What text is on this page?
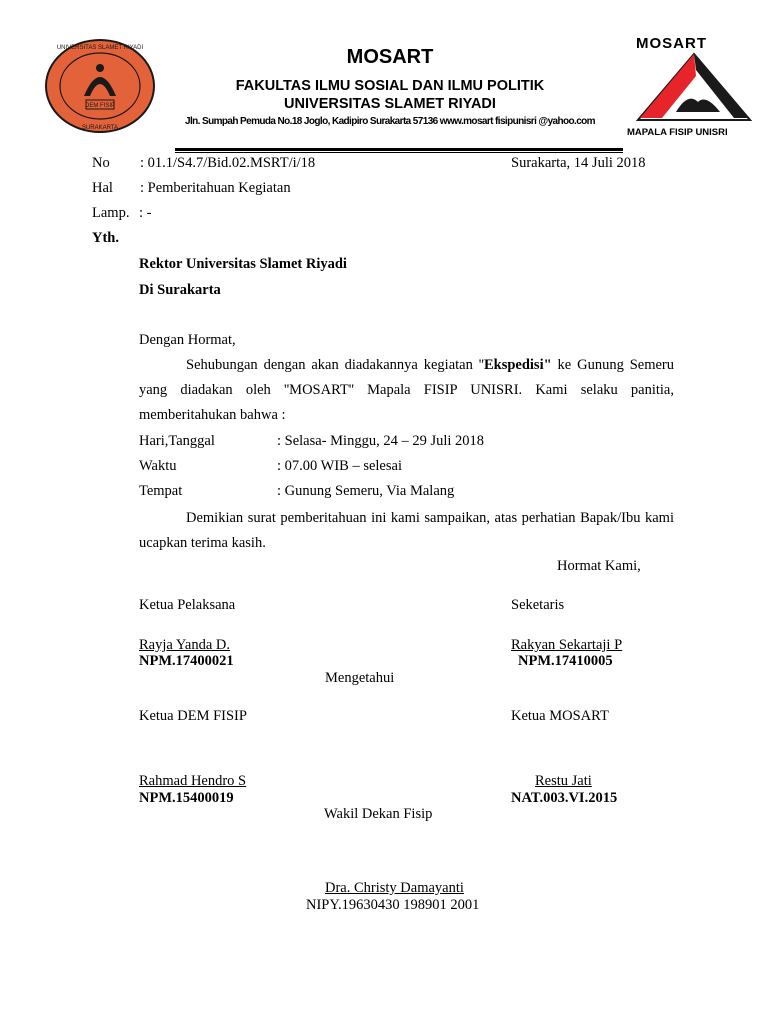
DEM FISIP
UNIVERSITAS SLAMET RIYADI
SURAKARTA
MOSART
FAKULTAS ILMU SOSIAL DAN ILMU POLITIK
UNIVERSITAS SLAMET RIYADI
Jln. Sumpah Pemuda No.18 Joglo, Kadipiro Surakarta 57136 www.mosart fisipunisri @yahoo.com
MOSART
MAPALA FISIP UNISRI
No : 01.1/S4.7/Bid.02.MSRT/i/18	Surakarta, 14 Juli 2018
Hal : Pemberitahuan Kegiatan
Lamp. : -
Yth.
Rektor Universitas Slamet Riyadi
Di Surakarta
Dengan Hormat,

Sehubungan dengan akan diadakannya kegiatan ''Ekspedisi" ke Gunung Semeru yang diadakan oleh ''MOSART'' Mapala FISIP UNISRI. Kami selaku panitia, memberitahukan bahwa :

Hari,Tanggal	: Selasa- Minggu, 24 – 29 Juli 2018
Waktu	: 07.00 WIB – selesai
Tempat	: Gunung Semeru, Via Malang

Demikian surat pemberitahuan ini kami sampaikan, atas perhatian Bapak/Ibu kami ucapkan terima kasih.

Hormat Kami,
Ketua Pelaksana	Seketaris
Rayja Yanda D.	Rakyan Sekartaji P
NPM.17400021	NPM.17410005
Mengetahui
Ketua DEM FISIP	Ketua MOSART
Rahmad Hendro S	Restu Jati
NPM.15400019	NAT.003.VI.2015
Wakil Dekan Fisip
Dra. Christy Damayanti
NIPY.19630430 198901 2001
